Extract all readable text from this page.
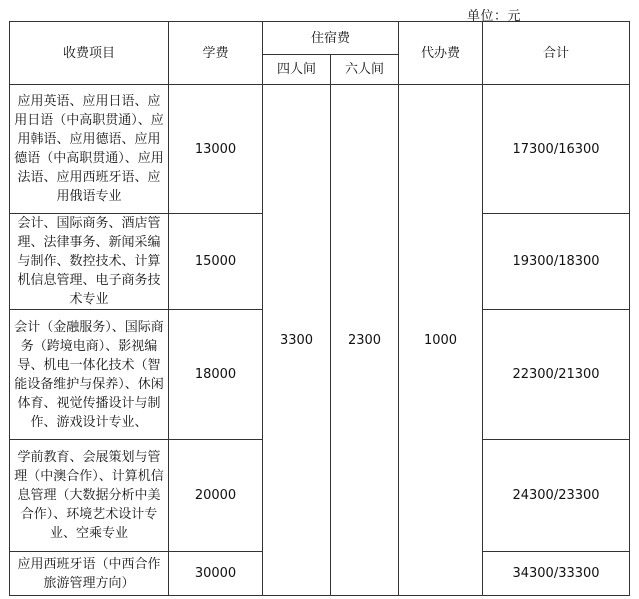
单位：元
收费项目	学费	住宿费		代办费	合计
		四人间	六人间		
应用英语、应用日语、应用日语（中高职贯通）、应用韩语、应用德语、应用德语（中高职贯通）、应用法语、应用西班牙语、应用俄语专业	13000	3300	2300	1000	17300/16300
会计、国际商务、酒店管理、法律事务、新闻采编与制作、数控技术、计算机信息管理、电子商务技术专业	15000				19300/18300
会计（金融服务）、国际商务（跨境电商）、影视编导、机电一体化技术（智能设备维护与保养）、休闲体育、视觉传播设计与制作、游戏设计专业、	18000				22300/21300
学前教育、会展策划与管理（中澳合作）、计算机信息管理（大数据分析中美合作）、环境艺术设计专业、空乘专业	20000				24300/23300
应用西班牙语（中西合作旅游管理方向）	30000				34300/33300
